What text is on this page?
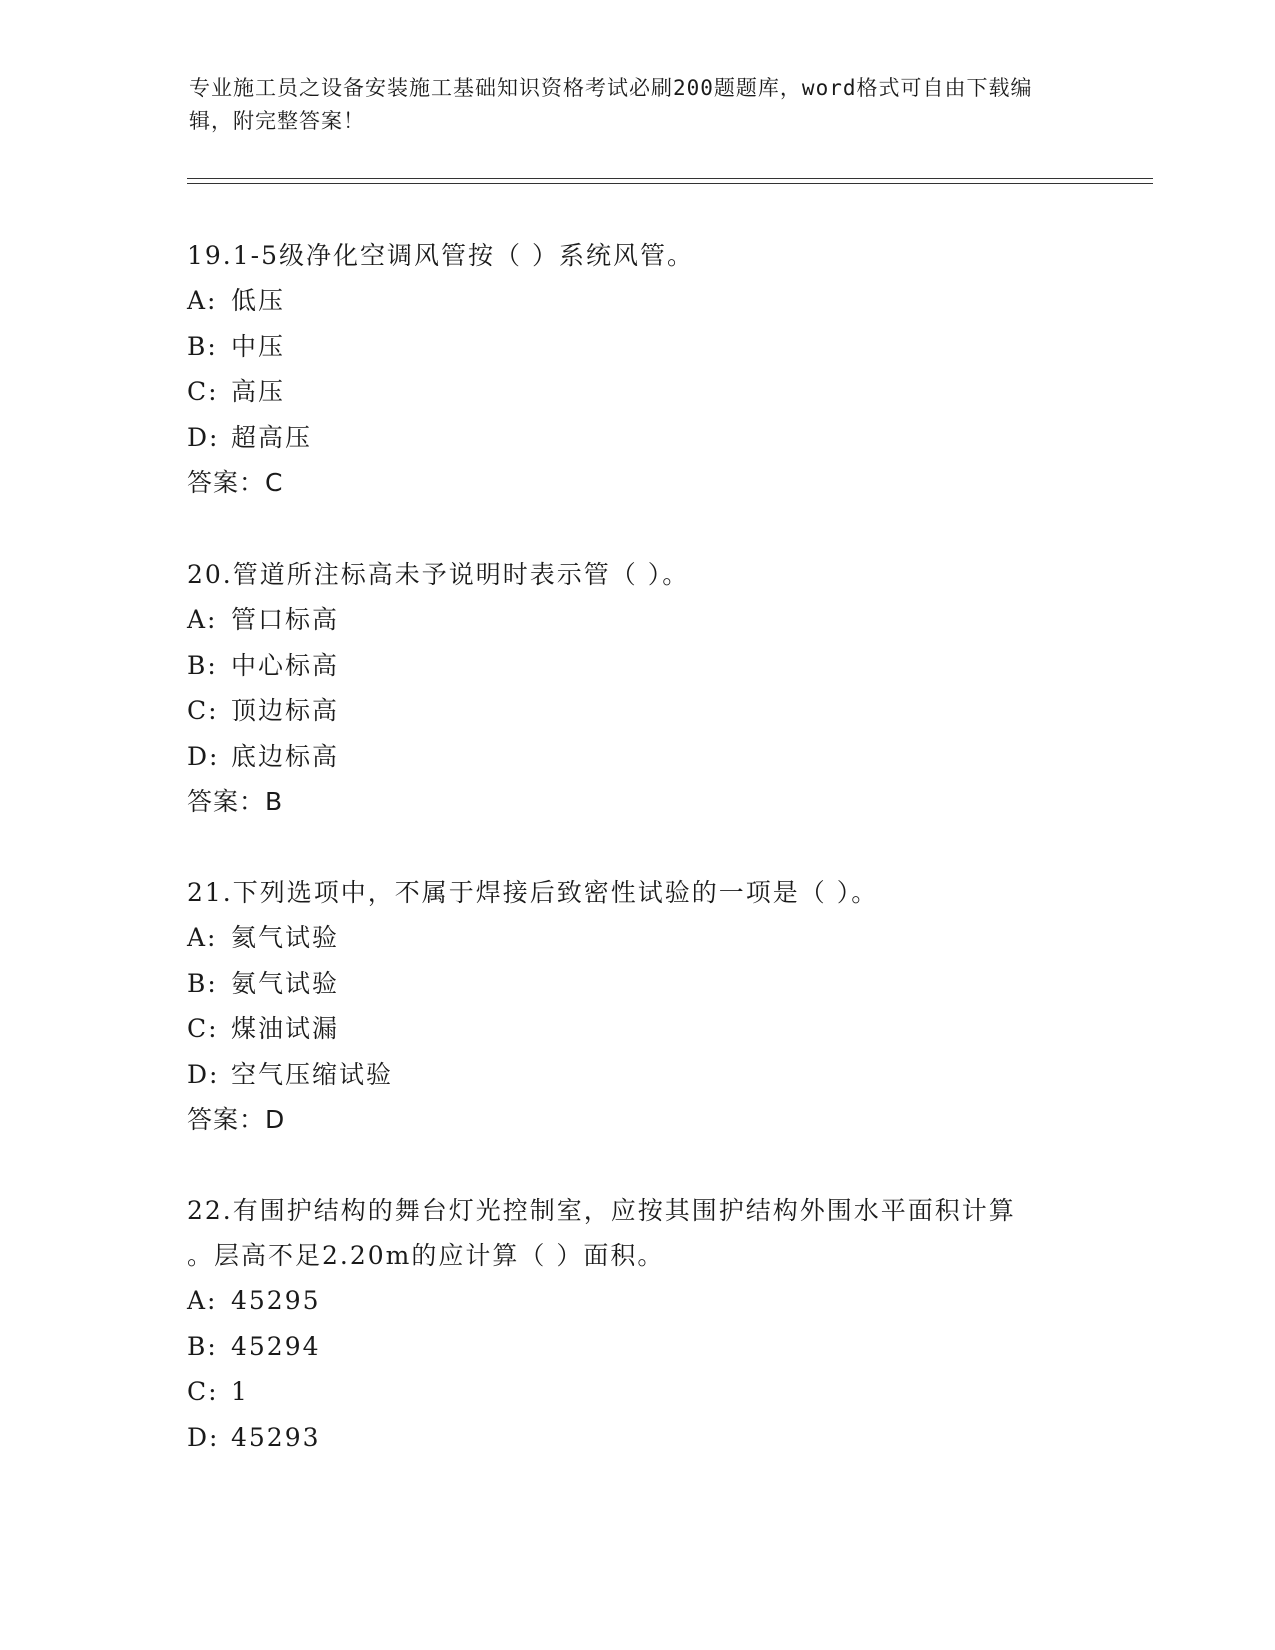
专业施工员之设备安装施工基础知识资格考试必刷200题题库，word格式可自由下载编辑，附完整答案！
19.1-5级净化空调风管按（ ）系统风管。
A: 低压
B: 中压
C: 高压
D: 超高压
答案：C
20.管道所注标高未予说明时表示管（ ）。
A: 管口标高
B: 中心标高
C: 顶边标高
D: 底边标高
答案：B
21.下列选项中，不属于焊接后致密性试验的一项是（ ）。
A: 氦气试验
B: 氨气试验
C: 煤油试漏
D: 空气压缩试验
答案：D
22.有围护结构的舞台灯光控制室，应按其围护结构外围水平面积计算
。层高不足2.20m的应计算（ ）面积。
A: 45295
B: 45294
C: 1
D: 45293
